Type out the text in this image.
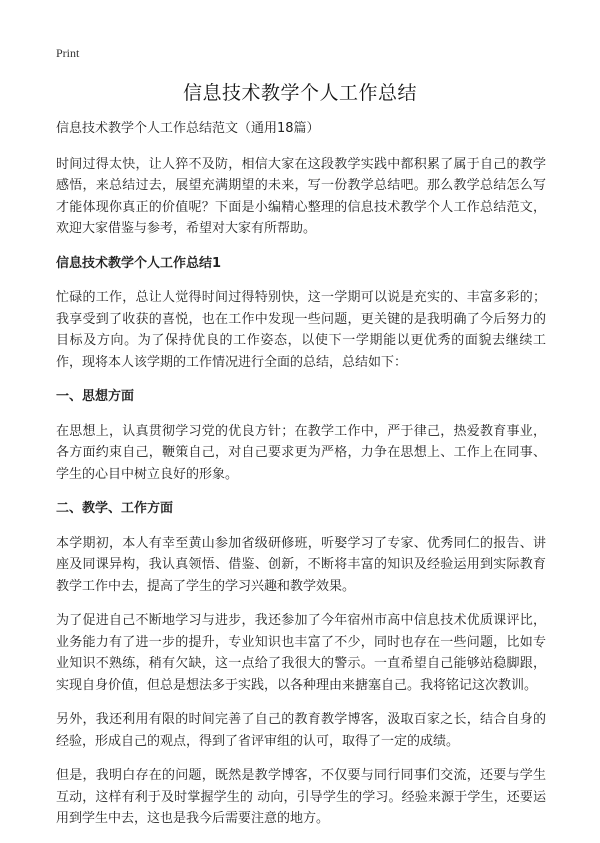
Print
信息技术教学个人工作总结

信息技术教学个人工作总结范文（通用18篇）

时间过得太快，让人猝不及防，相信大家在这段教学实践中都积累了属于自己的教学感悟，来总结过去，展望充满期望的未来，写一份教学总结吧。那么教学总结怎么写才能体现你真正的价值呢？下面是小编精心整理的信息技术教学个人工作总结范文，欢迎大家借鉴与参考，希望对大家有所帮助。

信息技术教学个人工作总结1

忙碌的工作，总让人觉得时间过得特别快，这一学期可以说是充实的、丰富多彩的；我享受到了收获的喜悦，也在工作中发现一些问题，更关键的是我明确了今后努力的目标及方向。为了保持优良的工作姿态，以使下一学期能以更优秀的面貌去继续工作，现将本人该学期的工作情况进行全面的总结，总结如下：

一、思想方面

在思想上，认真贯彻学习党的优良方针；在教学工作中，严于律己，热爱教育事业，各方面约束自己，鞭策自己，对自己要求更为严格，力争在思想上、工作上在同事、学生的心目中树立良好的形象。

二、教学、工作方面

本学期初，本人有幸至黄山参加省级研修班，听娶学习了专家、优秀同仁的报告、讲座及同课异构，我认真领悟、借鉴、创新，不断将丰富的知识及经验运用到实际教育教学工作中去，提高了学生的学习兴趣和教学效果。

为了促进自己不断地学习与进步，我还参加了今年宿州市高中信息技术优质课评比，业务能力有了进一步的提升，专业知识也丰富了不少，同时也存在一些问题，比如专业知识不熟练，稍有欠缺，这一点给了我很大的警示。一直希望自己能够站稳脚跟，实现自身价值，但总是想法多于实践，以各种理由来搪塞自己。我将铭记这次教训。

另外，我还利用有限的时间完善了自己的教育教学博客，汲取百家之长，结合自身的经验，形成自己的观点，得到了省评审组的认可，取得了一定的成绩。

但是，我明白存在的问题，既然是教学博客，不仅要与同行同事们交流，还要与学生互动，这样有利于及时掌握学生的 动向，引导学生的学习。经验来源于学生，还要运用到学生中去，这也是我今后需要注意的地方。
